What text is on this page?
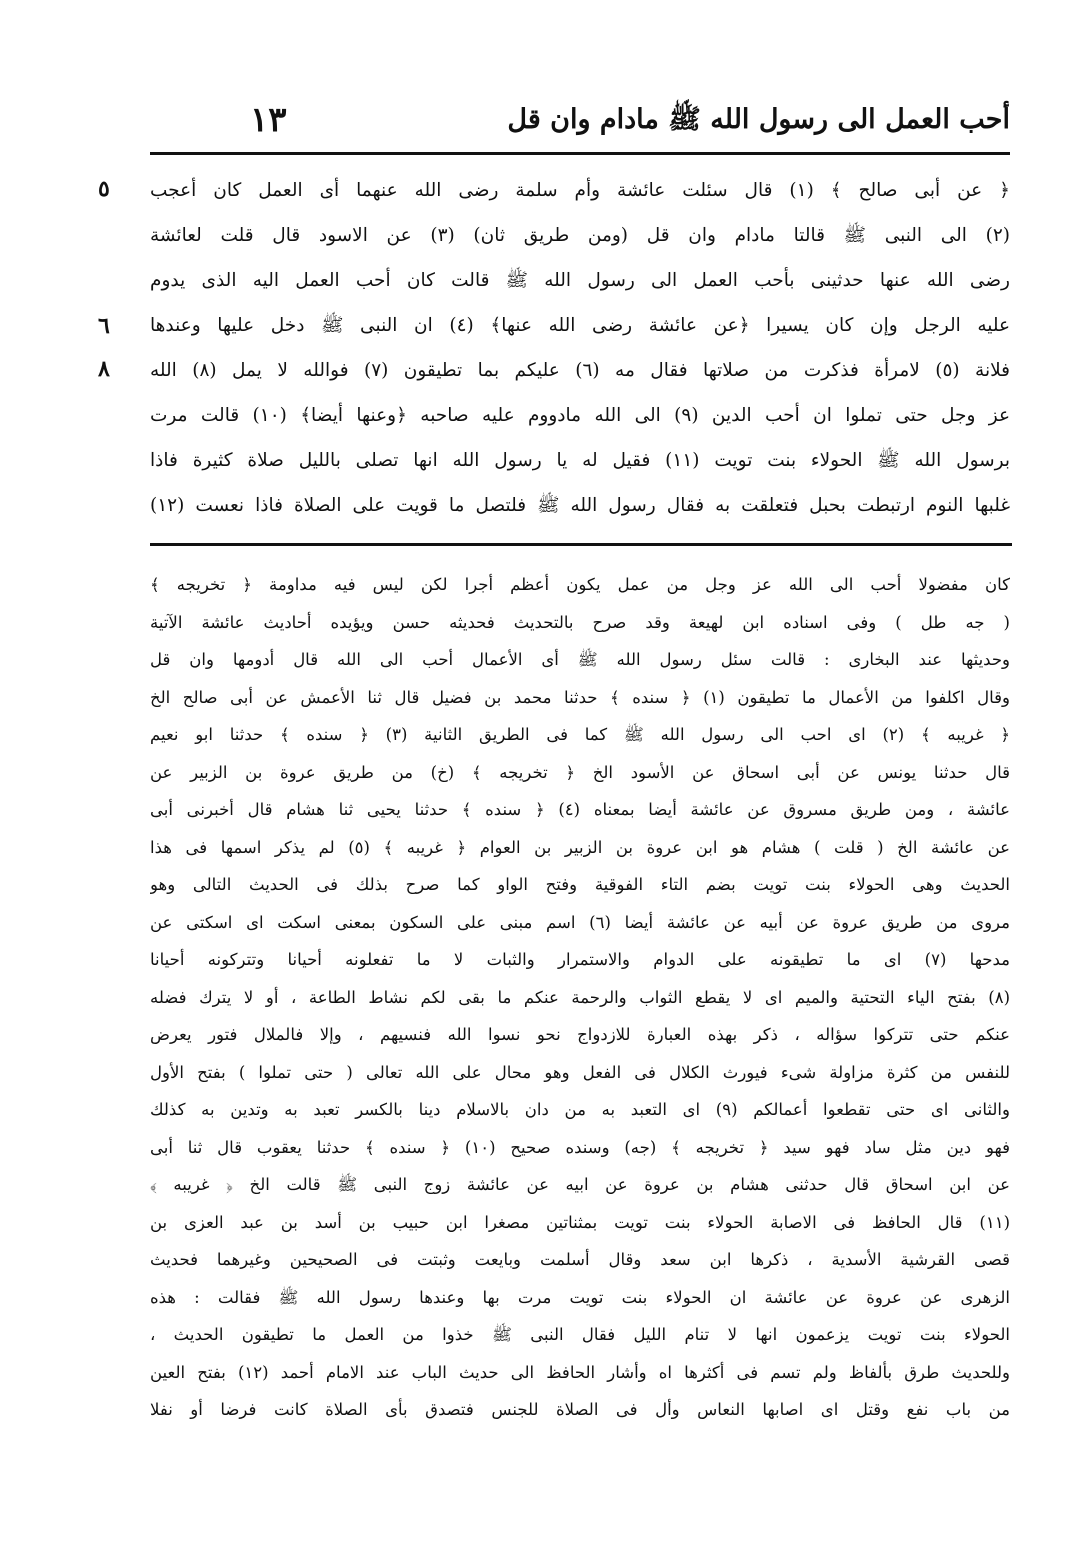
١٣	أحب العمل الى رسول الله ﷺ مادام وان قل
٥
٦
٨
﴿ عن أبى صالح ﴾ (١) قال سئلت عائشة وأم سلمة رضى الله عنهما أى العمل كان أعجب
(٢) الى النبى ﷺ قالتا مادام وان قل (ومن طريق ثان) (٣) عن الاسود قال قلت لعائشة
رضى الله عنها حدثينى بأحب العمل الى رسول الله ﷺ قالت كان أحب العمل اليه الذى يدوم
عليه الرجل وإن كان يسيرا ﴿عن عائشة رضى الله عنها﴾ (٤) ان النبى ﷺ دخل عليها وعندها
فلانة (٥) لامرأة فذكرت من صلاتها فقال مه (٦) عليكم بما تطيقون (٧) فوالله لا يمل (٨) الله
عز وجل حتى تملوا ان أحب الدين (٩) الى الله مادووم عليه صاحبه ﴿وعنها أيضا﴾ (١٠) قالت مرت
برسول الله ﷺ الحولاء بنت تويت (١١) فقيل له يا رسول الله انها تصلى بالليل صلاة كثيرة فاذا
غلبها النوم ارتبطت بحبل فتعلقت به فقال رسول الله ﷺ فلتصل ما قويت على الصلاة فاذا نعست (١٢)
كان مفضولا أحب الى الله عز وجل من عمل يكون أعظم أجرا لكن ليس فيه مداومة ﴿ تخريجه ﴾
( جه طل ) وفى اسناده ابن لهيعة وقد صرح بالتحديث فحديثه حسن ويؤيده أحاديث عائشة الآتية
وحديثها عند البخارى : قالت سئل رسول الله ﷺ أى الأعمال أحب الى الله قال أدومها وان قل
وقال اكلفوا من الأعمال ما تطيقون (١) ﴿ سنده ﴾ حدثنا محمد بن فضيل قال ثنا الأعمش عن أبى صالح الخ
﴿ غريبه ﴾ (٢) اى احب الى رسول الله ﷺ كما فى الطريق الثانية (٣) ﴿ سنده ﴾ حدثنا ابو نعيم
قال حدثنا يونس عن أبى اسحاق عن الأسود الخ ﴿ تخريجه ﴾ (خ) من طريق عروة بن الزبير عن
عائشة ، ومن طريق مسروق عن عائشة أيضا بمعناه (٤) ﴿ سنده ﴾ حدثنا يحيى ثنا هشام قال أخبرنى أبى
عن عائشة الخ ( قلت ) هشام هو ابن عروة بن الزبير بن العوام ﴿ غريبه ﴾ (٥) لم يذكر اسمها فى هذا
الحديث وهى الحولاء بنت تويت بضم التاء الفوقية وفتح الواو كما صرح بذلك فى الحديث التالى وهو
مروى من طريق عروة عن أبيه عن عائشة أيضا (٦) اسم مبنى على السكون بمعنى اسكت اى اسكتى عن
مدحها (٧) اى ما تطيقونه على الدوام والاستمرار والثبات لا ما تفعلونه أحيانا وتتركونه أحيانا
(٨) بفتح الياء التحتية والميم اى لا يقطع الثواب والرحمة عنكم ما بقى لكم نشاط الطاعة ، أو لا يترك فضله
عنكم حتى تتركوا سؤاله ، ذكر بهذه العبارة للازدواج نحو نسوا الله فنسيهم ، وإلا فالملال فتور يعرض
للنفس من كثرة مزاولة شىء فيورث الكلال فى الفعل وهو محال على الله تعالى ( حتى تملوا ) بفتح الأول
والثانى اى حتى تقطعوا أعمالكم (٩) اى التعبد به من دان بالاسلام دينا بالكسر تعبد به وتدين به كذلك
فهو دين مثل ساد فهو سيد ﴿ تخريجه ﴾ (جه) وسنده صحيح (١٠) ﴿ سنده ﴾ حدثنا يعقوب قال ثنا أبى
عن ابن اسحاق قال حدثنى هشام بن عروة عن ابيه عن عائشة زوج النبى ﷺ قالت الخ ﴿ غريبه ﴾
(١١) قال الحافظ فى الاصابة الحولاء بنت تويت بمثناتين مصغرا ابن حبيب بن أسد بن عبد العزى بن
قصى القرشية الأسدية ، ذكرها ابن سعد وقال أسلمت وبايعت وثبتت فى الصحيحين وغيرهما فحديث
الزهرى عن عروة عن عائشة ان الحولاء بنت تويت مرت بها وعندها رسول الله ﷺ فقالت : هذه
الحولاء بنت تويت يزعمون انها لا تنام الليل فقال النبى ﷺ خذوا من العمل ما تطيقون الحديث ،
وللحديث طرق بألفاظ ولم تسم فى أكثرها اه وأشار الحافظ الى حديث الباب عند الامام أحمد (١٢) بفتح العين
من باب نفع وقتل اى اصابها النعاس وأل فى الصلاة للجنس فتصدق بأى الصلاة كانت فرضا أو نفلا
